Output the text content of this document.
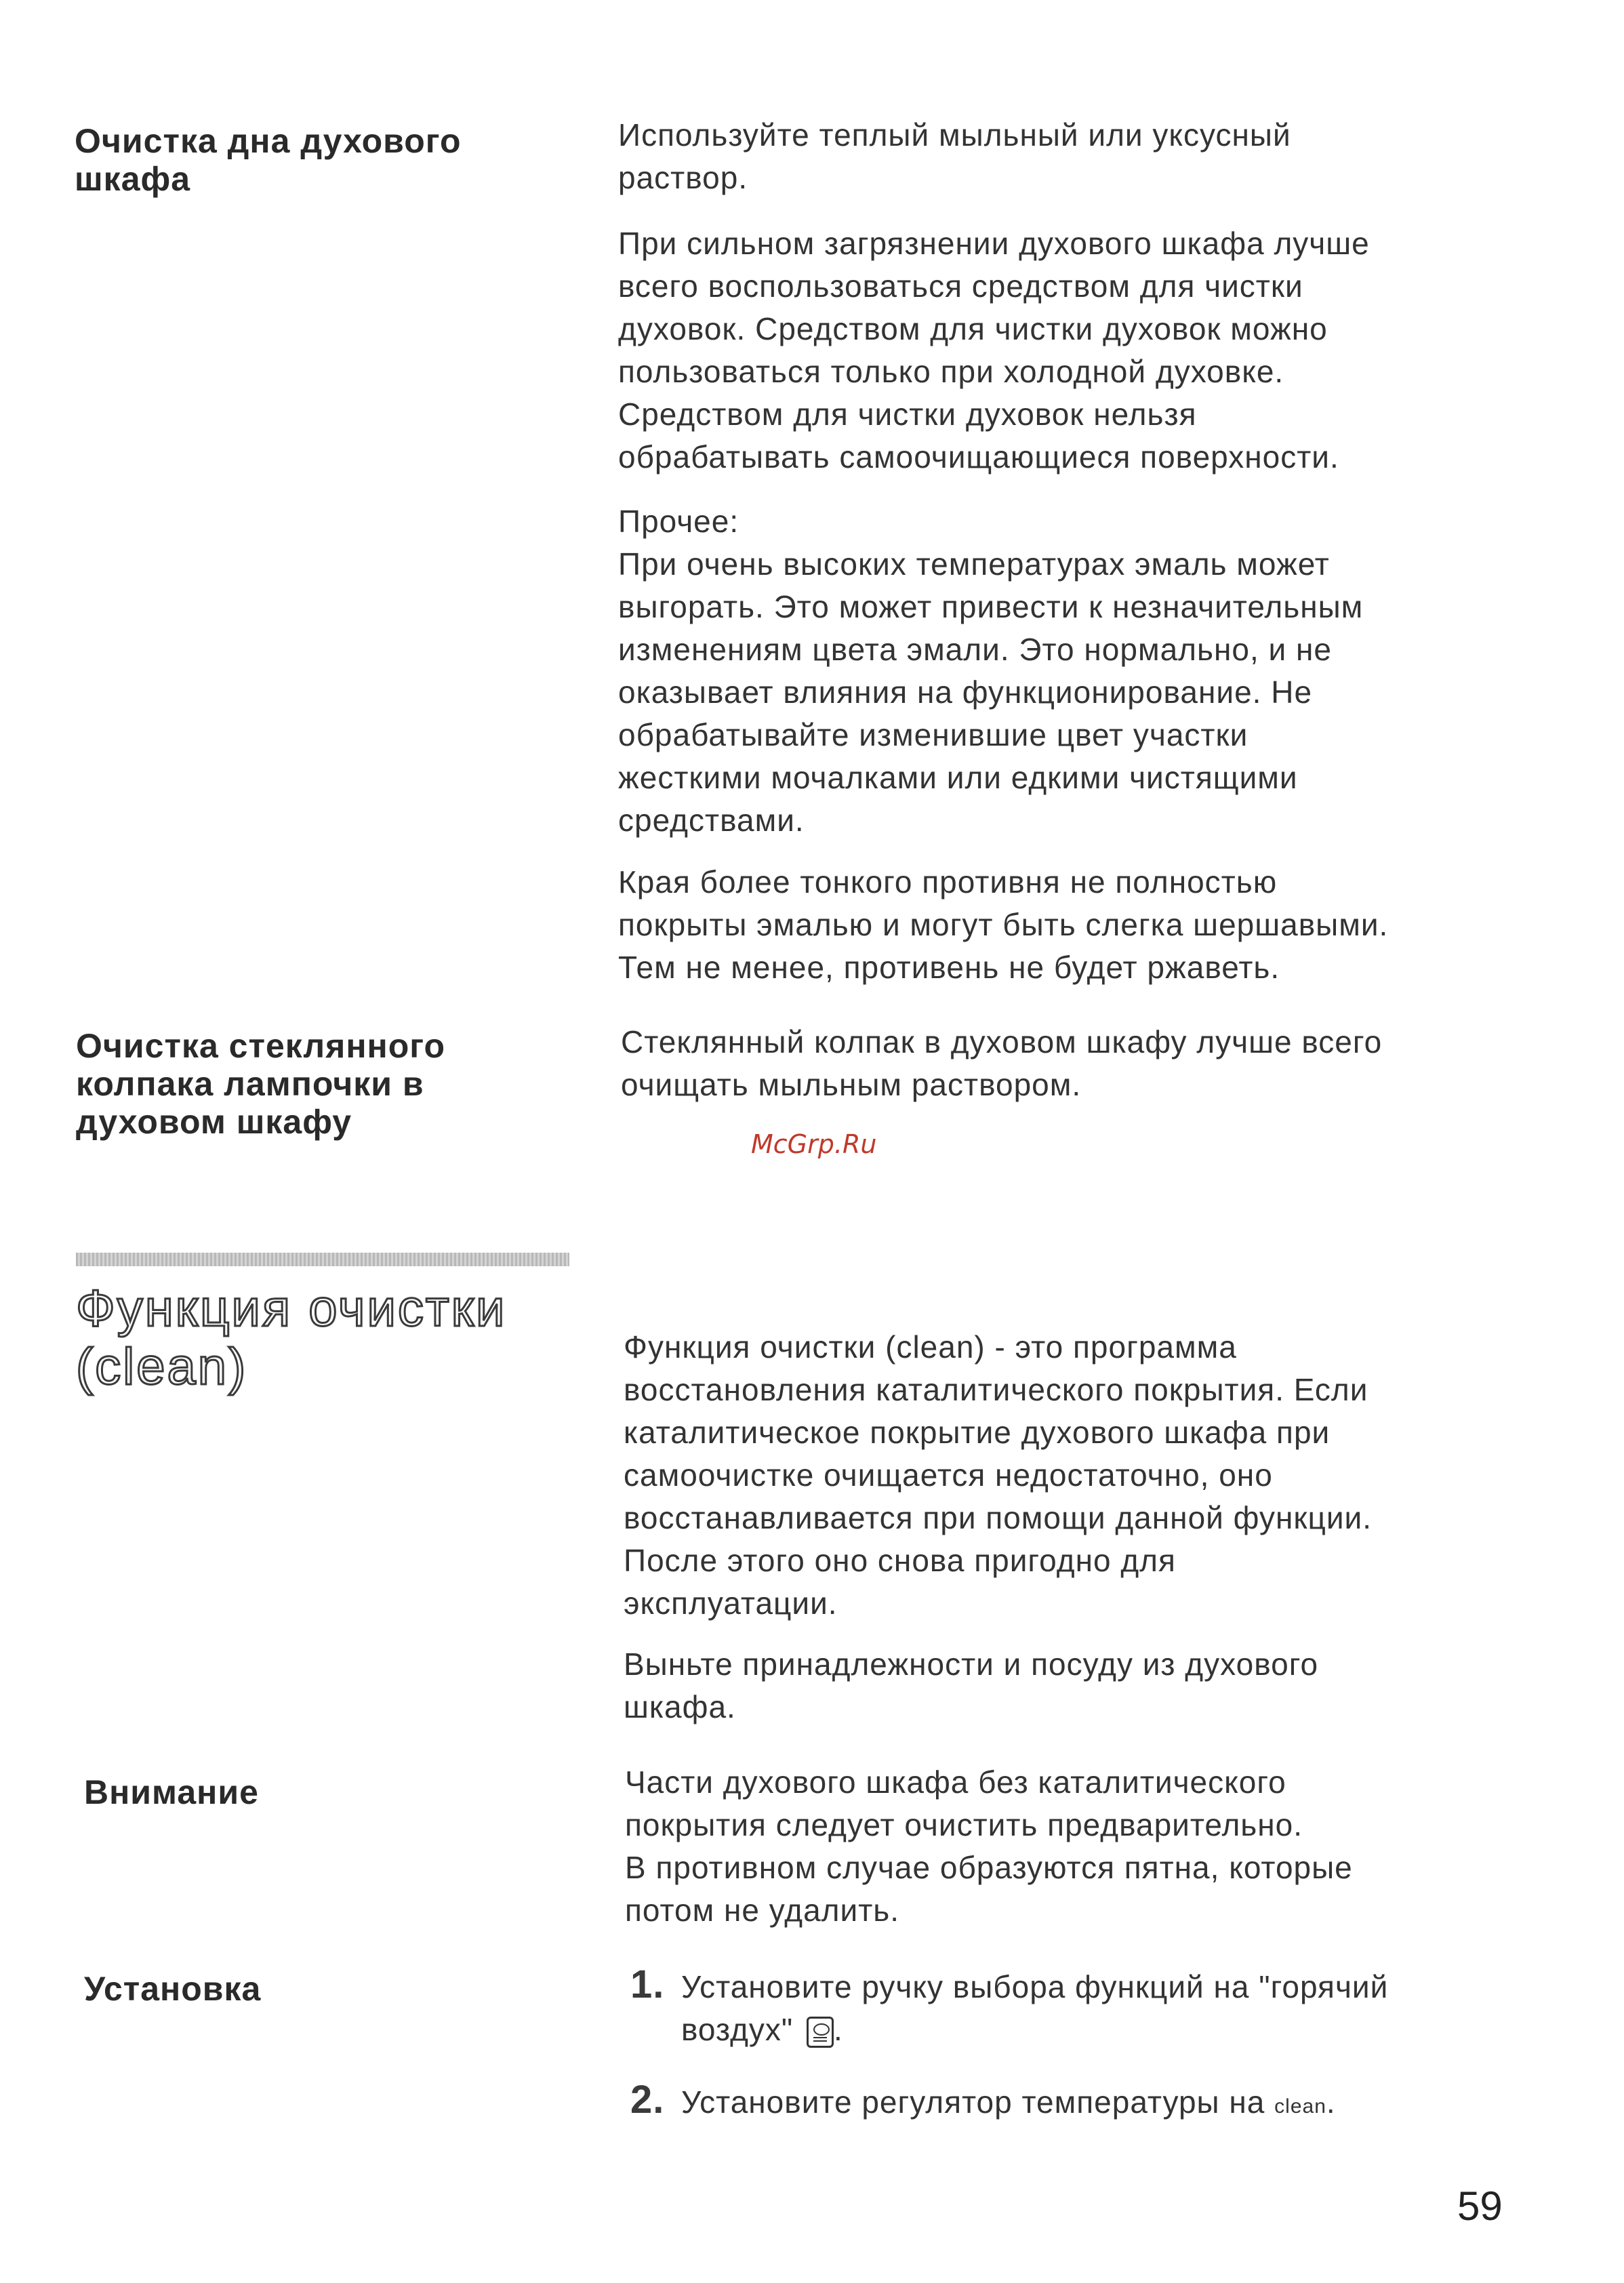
Очистка дна духового
шкафа
Используйте теплый мыльный или уксусный
раствор.
При сильном загрязнении духового шкафа лучше
всего воспользоваться средством для чистки
духовок. Средством для чистки духовок можно
пользоваться только при холодной духовке.
Средством для чистки духовок нельзя
обрабатывать самоочищающиеся поверхности.
Прочее:
При очень высоких температурах эмаль может
выгорать. Это может привести к незначительным
изменениям цвета эмали. Это нормально, и не
оказывает влияния на функционирование. Не
обрабатывайте изменившие цвет участки
жесткими мочалками или едкими чистящими
средствами.
Края более тонкого противня не полностью
покрыты эмалью и могут быть слегка шершавыми.
Тем не менее, противень не будет ржаветь.
Очистка стеклянного
колпака лампочки в
духовом шкафу
Стеклянный колпак в духовом шкафу лучше всего
очищать мыльным раствором.
McGrp.Ru
Функция очистки
(clean)	Функция очистки (clean) - это программа
восстановления каталитического покрытия. Если
каталитическое покрытие духового шкафа при
самоочистке очищается недостаточно, оно
восстанавливается при помощи данной функции.
После этого оно снова пригодно для
эксплуатации.
Выньте принадлежности и посуду из духового
шкафа.
Внимание	Части духового шкафа без каталитического
покрытия следует очистить предварительно.
В противном случае образуются пятна, которые
потом не удалить.
Установка	1. Установите ручку выбора функций на "горячий
воздух" .
2. Установите регулятор температуры на clean.
59
